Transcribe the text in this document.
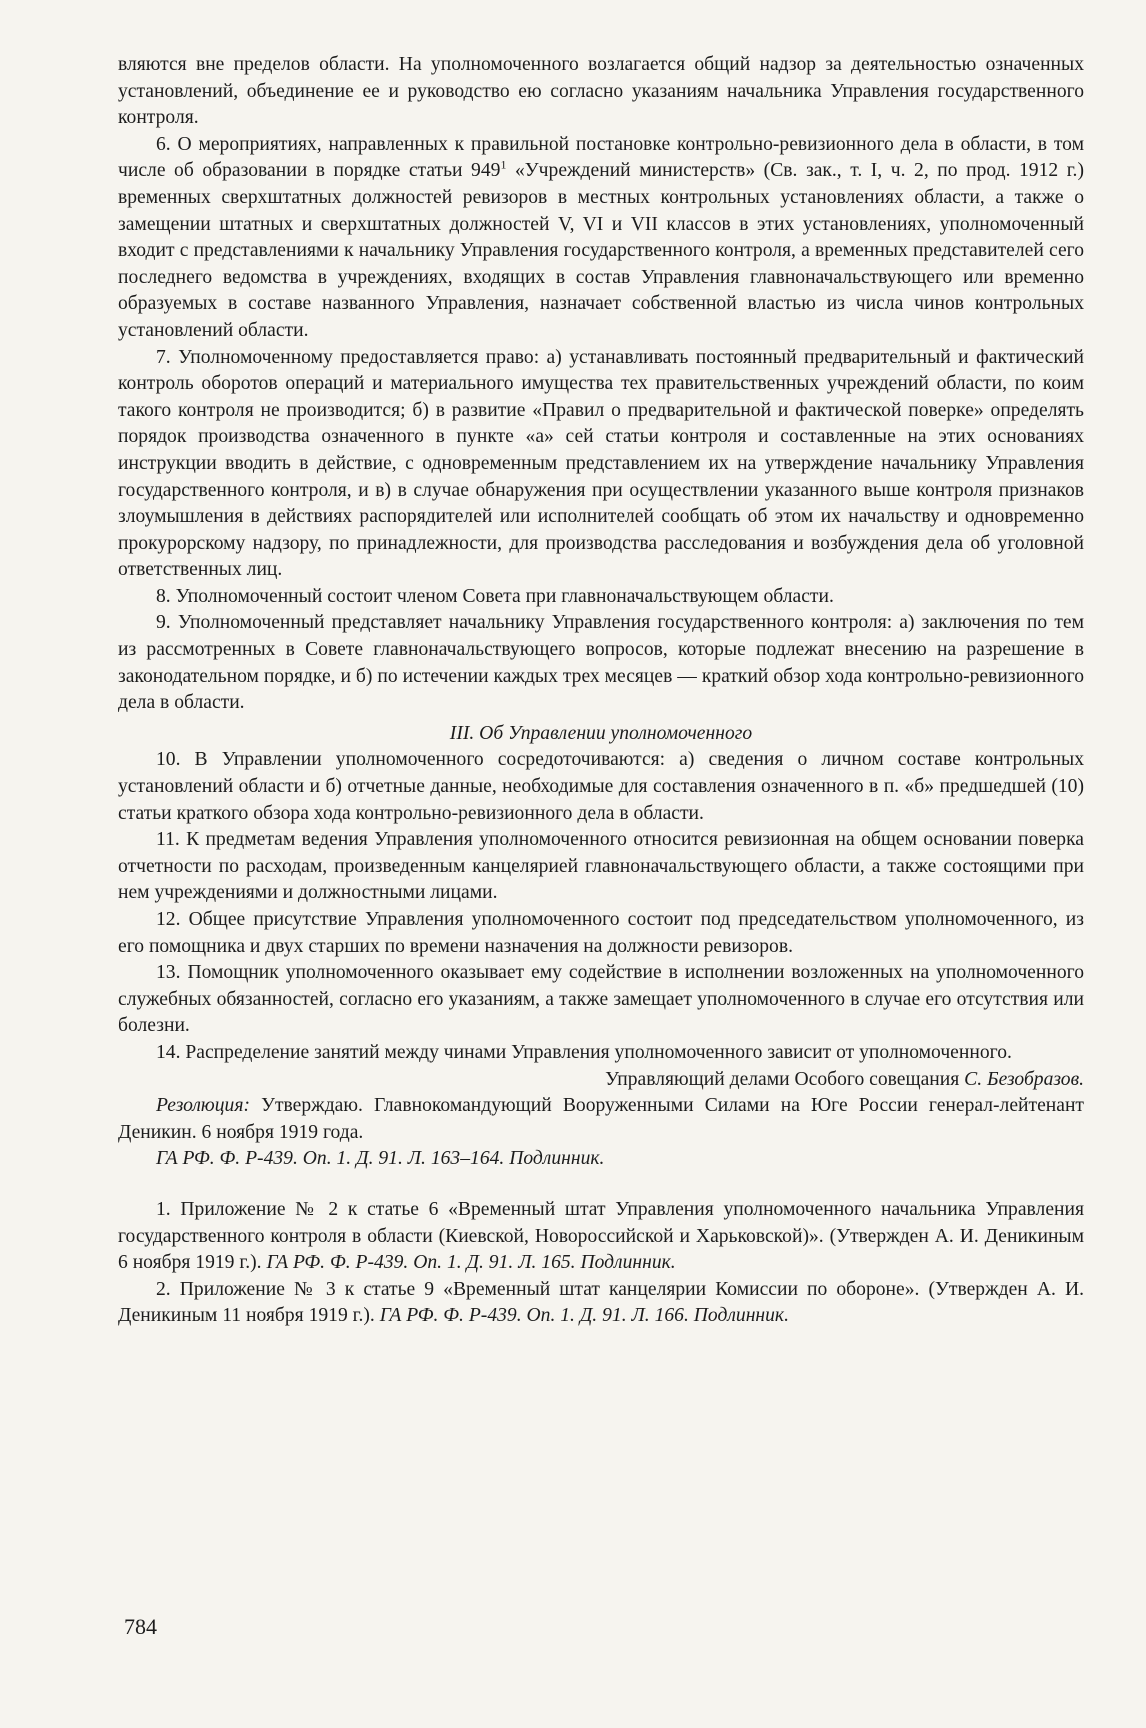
вляются вне пределов области. На уполномоченного возлагается общий надзор за деятельностью означенных установлений, объединение ее и руководство ею согласно указаниям начальника Управления государственного контроля.

6. О мероприятиях, направленных к правильной постановке контрольно-ревизионного дела в области, в том числе об образовании в порядке статьи $949^1$ «Учреждений министерств» (Св. зак., т. I, ч. 2, по прод. 1912 г.) временных сверхштатных должностей ревизоров в местных контрольных установлениях области, а также о замещении штатных и сверхштатных должностей V, VI и VII классов в этих установлениях, уполномоченный входит с представлениями к начальнику Управления государственного контроля, а временных представителей сего последнего ведомства в учреждениях, входящих в состав Управления главноначальствующего или временно образуемых в составе названного Управления, назначает собственной властью из числа чинов контрольных установлений области.

7. Уполномоченному предоставляется право: а) устанавливать постоянный предварительный и фактический контроль оборотов операций и материального имущества тех правительственных учреждений области, по коим такого контроля не производится; б) в развитие «Правил о предварительной и фактической поверке» определять порядок производства означенного в пункте «а» сей статьи контроля и составленные на этих основаниях инструкции вводить в действие, с одновременным представлением их на утверждение начальнику Управления государственного контроля, и в) в случае обнаружения при осуществлении указанного выше контроля признаков злоумышления в действиях распорядителей или исполнителей сообщать об этом их начальству и одновременно прокурорскому надзору, по принадлежности, для производства расследования и возбуждения дела об уголовной ответственных лиц.

8. Уполномоченный состоит членом Совета при главноначальствующем области.

9. Уполномоченный представляет начальнику Управления государственного контроля: а) заключения по тем из рассмотренных в Совете главноначальствующего вопросов, которые подлежат внесению на разрешение в законодательном порядке, и б) по истечении каждых трех месяцев — краткий обзор хода контрольно-ревизионного дела в области.

III. Об Управлении уполномоченного

10. В Управлении уполномоченного сосредоточиваются: а) сведения о личном составе контрольных установлений области и б) отчетные данные, необходимые для составления означенного в п. «б» предшедшей (10) статьи краткого обзора хода контрольно-ревизионного дела в области.

11. К предметам ведения Управления уполномоченного относится ревизионная на общем основании поверка отчетности по расходам, произведенным канцелярией главноначальствующего области, а также состоящими при нем учреждениями и должностными лицами.

12. Общее присутствие Управления уполномоченного состоит под председательством уполномоченного, из его помощника и двух старших по времени назначения на должности ревизоров.

13. Помощник уполномоченного оказывает ему содействие в исполнении возложенных на уполномоченного служебных обязанностей, согласно его указаниям, а также замещает уполномоченного в случае его отсутствия или болезни.

14. Распределение занятий между чинами Управления уполномоченного зависит от уполномоченного.

Управляющий делами Особого совещания С. Безобразов.

Резолюция: Утверждаю. Главнокомандующий Вооруженными Силами на Юге России генерал-лейтенант Деникин. 6 ноября 1919 года.

ГА РФ. Ф. Р-439. Оп. 1. Д. 91. Л. 163–164. Подлинник.

1. Приложение № 2 к статье 6 «Временный штат Управления уполномоченного начальника Управления государственного контроля в области (Киевской, Новороссийской и Харьковской)». (Утвержден А. И. Деникиным 6 ноября 1919 г.). ГА РФ. Ф. Р-439. Оп. 1. Д. 91. Л. 165. Подлинник.

2. Приложение № 3 к статье 9 «Временный штат канцелярии Комиссии по обороне». (Утвержден А. И. Деникиным 11 ноября 1919 г.). ГА РФ. Ф. Р-439. Оп. 1. Д. 91. Л. 166. Подлинник.

784
